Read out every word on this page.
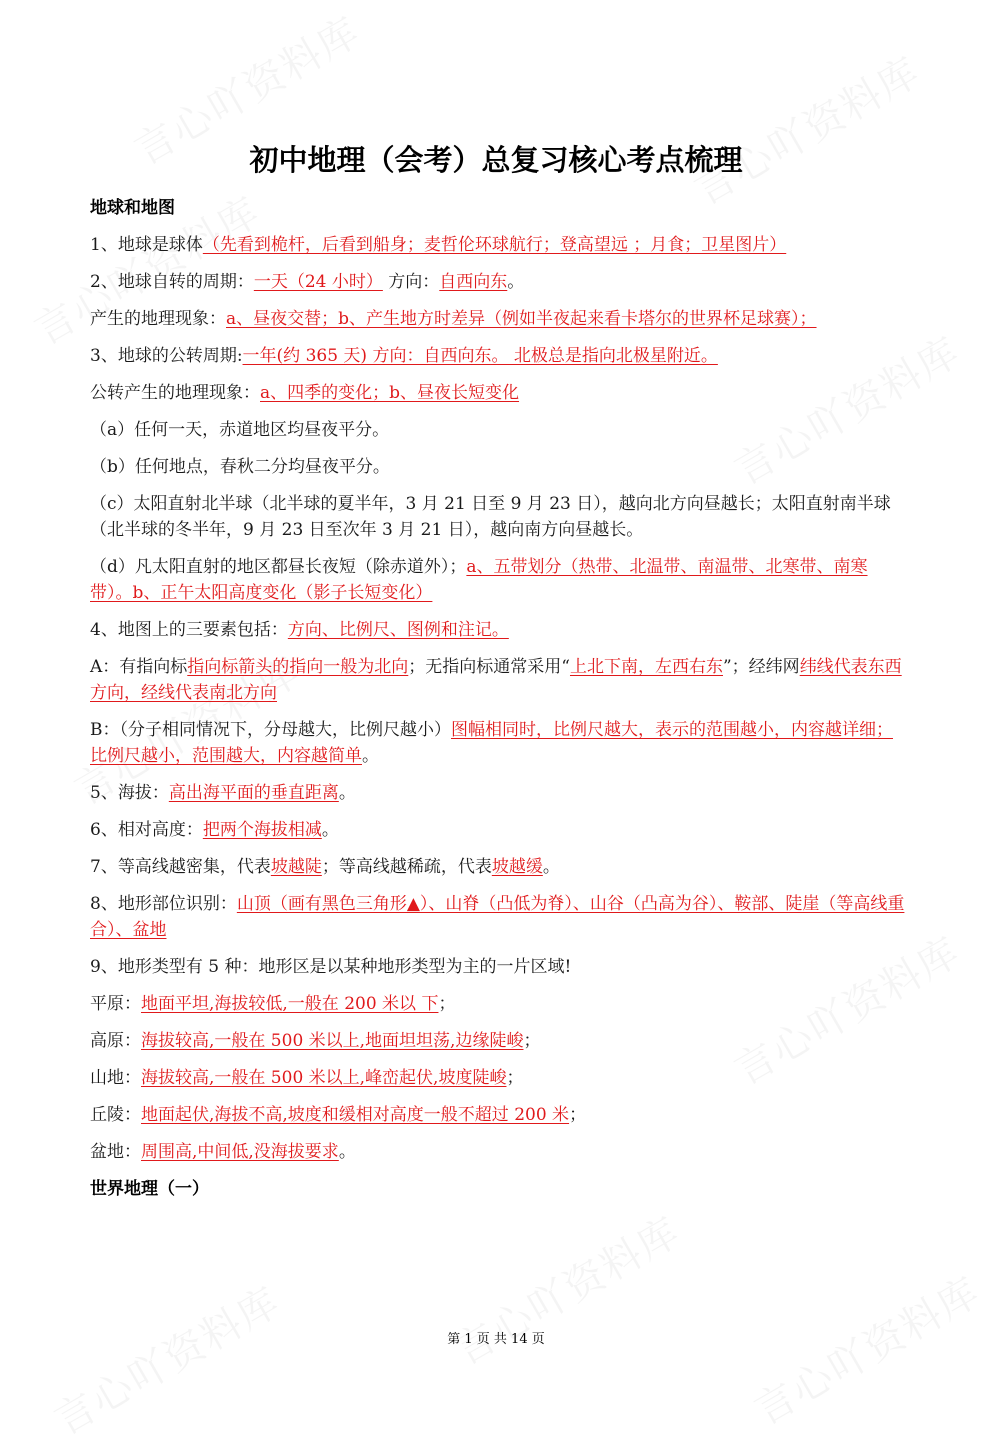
初中地理（会考）总复习核心考点梳理
地球和地图
1、地球是球体（先看到桅杆，后看到船身；麦哲伦环球航行；登高望远 ；月食；卫星图片）
2、地球自转的周期：一天（24 小时） 方向：自西向东。
产生的地理现象：a、昼夜交替；b、产生地方时差异（例如半夜起来看卡塔尔的世界杯足球赛）；
3、地球的公转周期:一年(约 365 天) 方向：自西向东。 北极总是指向北极星附近。
公转产生的地理现象：a、四季的变化；b、昼夜长短变化
（a）任何一天，赤道地区均昼夜平分。
（b）任何地点，春秋二分均昼夜平分。
（c）太阳直射北半球（北半球的夏半年，3 月 21 日至 9 月 23 日），越向北方向昼越长；太阳直射南半球（北半球的冬半年，9 月 23 日至次年 3 月 21 日），越向南方向昼越长。
（d）凡太阳直射的地区都昼长夜短（除赤道外）；a、五带划分（热带、北温带、南温带、北寒带、南寒带）。b、正午太阳高度变化（影子长短变化）
4、地图上的三要素包括：方向、比例尺、图例和注记。
A：有指向标指向标箭头的指向一般为北向；无指向标通常采用“上北下南，左西右东”；经纬网纬线代表东西方向，经线代表南北方向
B：（分子相同情况下，分母越大，比例尺越小）图幅相同时，比例尺越大，表示的范围越小，内容越详细；比例尺越小，范围越大，内容越简单。
5、海拔：高出海平面的垂直距离。
6、相对高度：把两个海拔相减。
7、等高线越密集，代表坡越陡；等高线越稀疏，代表坡越缓。
8、地形部位识别：山顶（画有黑色三角形▲）、山脊（凸低为脊）、山谷（凸高为谷）、鞍部、陡崖（等高线重合）、盆地
9、地形类型有 5 种：地形区是以某种地形类型为主的一片区域!
平原：地面平坦,海拔较低,一般在 200 米以 下；
高原：海拔较高,一般在 500 米以上,地面坦坦荡,边缘陡峻；
山地：海拔较高,一般在 500 米以上,峰峦起伏,坡度陡峻；
丘陵：地面起伏,海拔不高,坡度和缓相对高度一般不超过 200 米；
盆地：周围高,中间低,没海拔要求。
世界地理（一）
第 1 页 共 14 页
